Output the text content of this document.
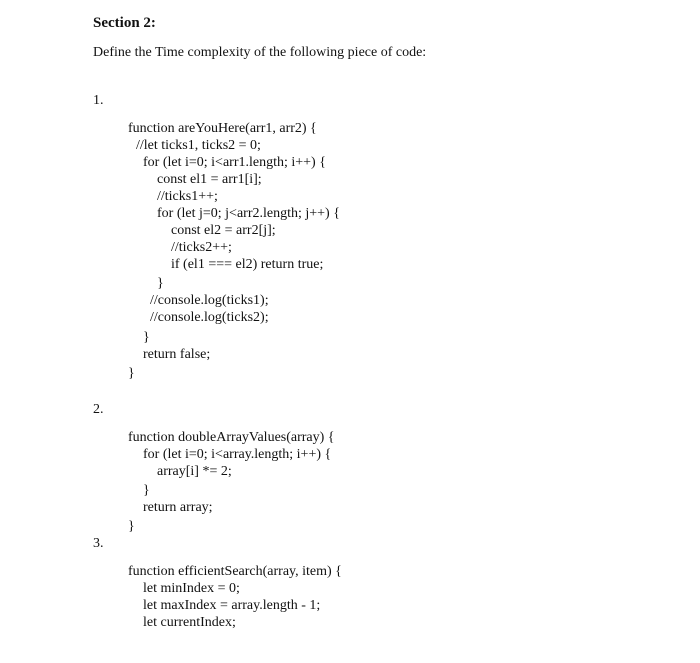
Section 2:

Define the Time complexity of the following piece of code:

1.
function areYouHere(arr1, arr2) {
//let ticks1, ticks2 = 0;
for (let i=0; i<arr1.length; i++) {
const el1 = arr1[i];
//ticks1++;
for (let j=0; j<arr2.length; j++) {
const el2 = arr2[j];
//ticks2++;
if (el1 === el2) return true;
}
//console.log(ticks1);
//console.log(ticks2);
}
return false;
}
2.
function doubleArrayValues(array) {
for (let i=0; i<array.length; i++) {
array[i] *= 2;
}
return array;
}
3.
function efficientSearch(array, item) {
let minIndex = 0;
let maxIndex = array.length - 1;
let currentIndex;
